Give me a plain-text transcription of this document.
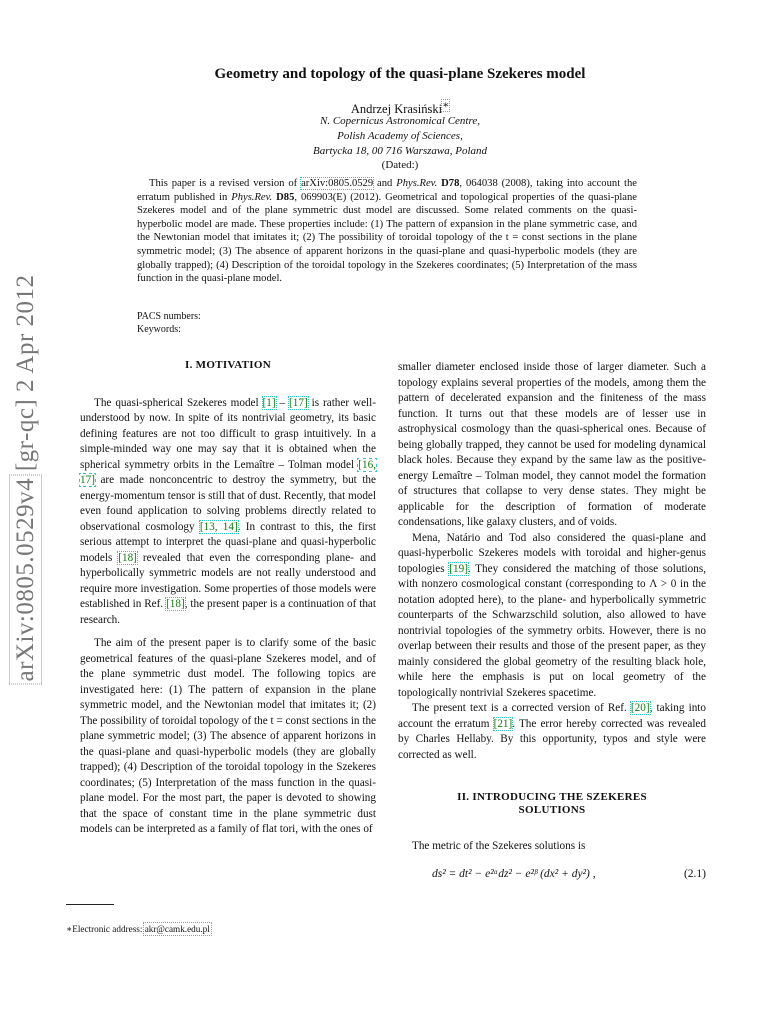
arXiv:0805.0529v4 [gr-qc] 2 Apr 2012
Geometry and topology of the quasi-plane Szekeres model
Andrzej Krasiński∗
N. Copernicus Astronomical Centre,
Polish Academy of Sciences,
Bartycka 18, 00 716 Warszawa, Poland
(Dated:)

This paper is a revised version of arXiv:0805.0529 and Phys.Rev. D78, 064038 (2008), taking into account the erratum published in Phys.Rev. D85, 069903(E) (2012). Geometrical and topological properties of the quasi-plane Szekeres model and of the plane symmetric dust model are discussed. Some related comments on the quasi-hyperbolic model are made. These properties include: (1) The pattern of expansion in the plane symmetric case, and the Newtonian model that imitates it; (2) The possibility of toroidal topology of the t = const sections in the plane symmetric model; (3) The absence of apparent horizons in the quasi-plane and quasi-hyperbolic models (they are globally trapped); (4) Description of the toroidal topology in the Szekeres coordinates; (5) Interpretation of the mass function in the quasi-plane model.

PACS numbers:
Keywords:
I. MOTIVATION

The quasi-spherical Szekeres model [1] – [17] is rather well-understood by now. In spite of its nontrivial geometry, its basic defining features are not too difficult to grasp intuitively. In a simple-minded way one may say that it is obtained when the spherical symmetry orbits in the Lemaître – Tolman model [16, 17] are made nonconcentric to destroy the symmetry, but the energy-momentum tensor is still that of dust. Recently, that model even found application to solving problems directly related to observational cosmology [13, 14]. In contrast to this, the first serious attempt to interpret the quasi-plane and quasi-hyperbolic models [18] revealed that even the corresponding plane- and hyperbolically symmetric models are not really understood and require more investigation. Some properties of those models were established in Ref. [18], the present paper is a continuation of that research.

The aim of the present paper is to clarify some of the basic geometrical features of the quasi-plane Szekeres model, and of the plane symmetric dust model. The following topics are investigated here: (1) The pattern of expansion in the plane symmetric model, and the Newtonian model that imitates it; (2) The possibility of toroidal topology of the t = const sections in the plane symmetric model; (3) The absence of apparent horizons in the quasi-plane and quasi-hyperbolic models (they are globally trapped); (4) Description of the toroidal topology in the Szekeres coordinates; (5) Interpretation of the mass function in the quasi-plane model. For the most part, the paper is devoted to showing that the space of constant time in the plane symmetric dust models can be interpreted as a family of flat tori, with the ones of

smaller diameter enclosed inside those of larger diameter. Such a topology explains several properties of the models, among them the pattern of decelerated expansion and the finiteness of the mass function. It turns out that these models are of lesser use in astrophysical cosmology than the quasi-spherical ones. Because of being globally trapped, they cannot be used for modeling dynamical black holes. Because they expand by the same law as the positive-energy Lemaître – Tolman model, they cannot model the formation of structures that collapse to very dense states. They might be applicable for the description of formation of moderate condensations, like galaxy clusters, and of voids.

Mena, Natário and Tod also considered the quasi-plane and quasi-hyperbolic Szekeres models with toroidal and higher-genus topologies [19]. They considered the matching of those solutions, with nonzero cosmological constant (corresponding to Λ > 0 in the notation adopted here), to the plane- and hyperbolically symmetric counterparts of the Schwarzschild solution, also allowed to have nontrivial topologies of the symmetry orbits. However, there is no overlap between their results and those of the present paper, as they mainly considered the global geometry of the resulting black hole, while here the emphasis is put on local geometry of the topologically nontrivial Szekeres spacetime.

The present text is a corrected version of Ref. [20], taking into account the erratum [21]. The error hereby corrected was revealed by Charles Hellaby. By this opportunity, typos and style were corrected as well.

II. INTRODUCING THE SZEKERES
SOLUTIONS

The metric of the Szekeres solutions is

ds² = dt² − e²ᵅdz² − e²ᵝ (dx² + dy²) ,	(2.1)
∗Electronic address: akr@camk.edu.pl
